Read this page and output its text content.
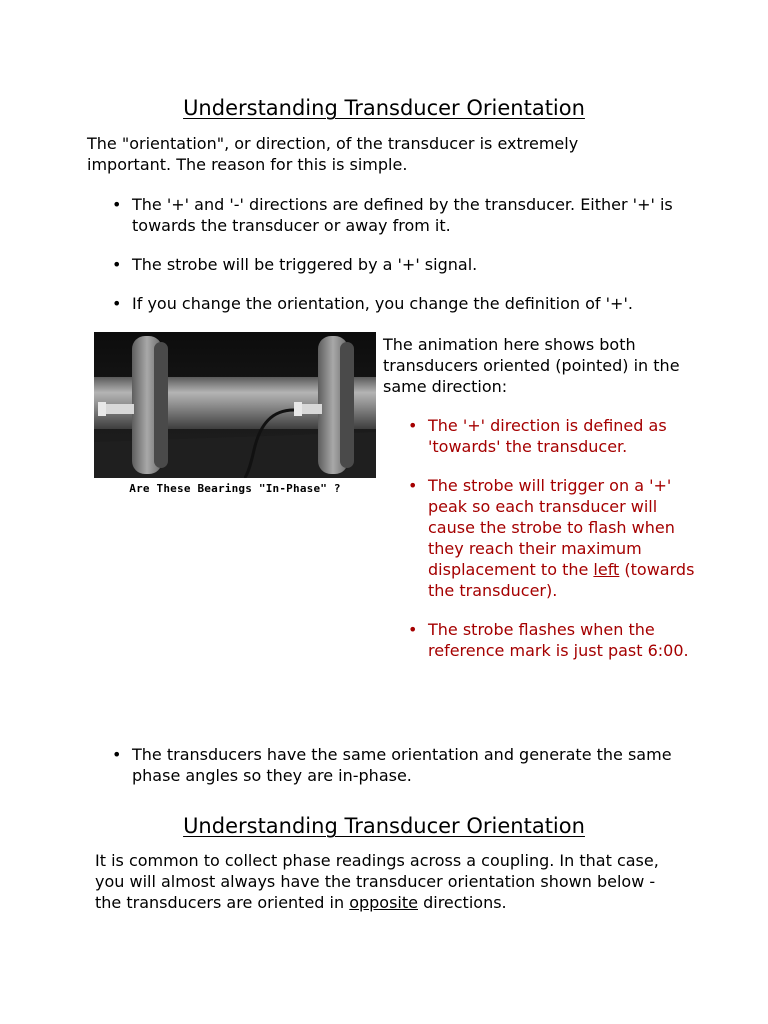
Understanding Transducer Orientation

The "orientation", or direction, of the transducer is extremely important. The reason for this is simple.

• The '+' and '-' directions are defined by the transducer. Either '+' is towards the transducer or away from it.
• The strobe will be triggered by a '+' signal.
• If you change the orientation, you change the definition of '+'.
Are These Bearings "In-Phase" ?

The animation here shows both transducers oriented (pointed) in the same direction:

• The '+' direction is defined as 'towards' the transducer.
• The strobe will trigger on a '+' peak so each transducer will cause the strobe to flash when they reach their maximum displacement to the left (towards the transducer).
• The strobe flashes when the reference mark is just past 6:00.
• The transducers have the same orientation and generate the same phase angles so they are in-phase.
Understanding Transducer Orientation

It is common to collect phase readings across a coupling. In that case, you will almost always have the transducer orientation shown below - the transducers are oriented in opposite directions.
